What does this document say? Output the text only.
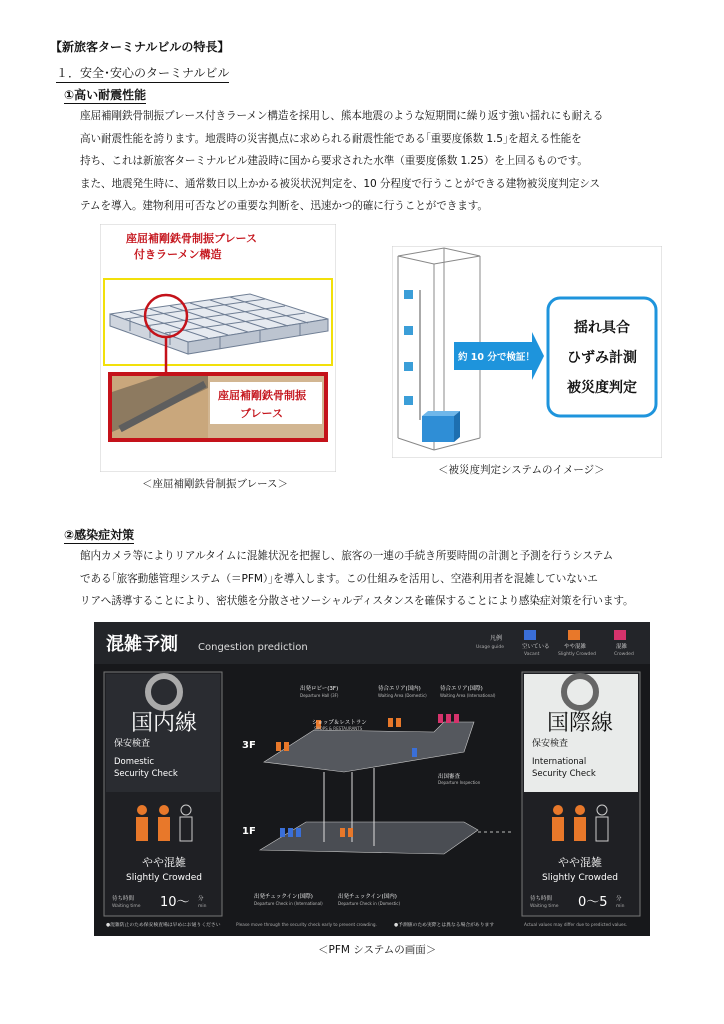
【新旅客ターミナルビルの特長】
１．安全･安心のターミナルビル
①高い耐震性能
座屈補剛鉄骨制振ブレース付きラーメン構造を採用し、熊本地震のような短期間に繰り返す強い揺れにも耐える
高い耐震性能を誇ります。地震時の災害拠点に求められる耐震性能である｢重要度係数 1.5｣を超える性能を
持ち、これは新旅客ターミナルビル建設時に国から要求された水準（重要度係数 1.25）を上回るものです。
また、地震発生時に、通常数日以上かかる被災状況判定を、10 分程度で行うことができる建物被災度判定シス
テムを導入。建物利用可否などの重要な判断を、迅速かつ的確に行うことができます。
座屈補剛鉄骨制振ブレース
付きラーメン構造
座屈補剛鉄骨制振
ブレース
＜座屈補剛鉄骨制振ブレース＞
約 10 分で検証！
揺れ具合
ひずみ計測
被災度判定
＜被災度判定システムのイメージ＞
②感染症対策
館内カメラ等によりリアルタイムに混雑状況を把握し、旅客の一連の手続き所要時間の計測と予測を行うシステム
である｢旅客動態管理システム（＝PFM）｣を導入します。この仕組みを活用し、空港利用者を混雑していないエ
リアへ誘導することにより、密状態を分散させソーシャルディスタンスを確保することにより感染症対策を行います。
混雑予測 Congestion prediction
凡例
Usage guide	空いている
Vacant
やや混雑
Slightly Crowded
混雑
Crowded
国内線
保安検査
Domestic
Security Check
やや混雑
Slightly Crowded
待ち時間
Waiting time 10～ 分
min
国際線
保安検査
International
Security Check
やや混雑
Slightly Crowded
待ち時間
Waiting time 0～5 分
min
3F
1F
出発ロビー(3F)
Departure Hall (3F)
待合エリア(国内)
Waiting Area (Domestic)
待合エリア(国際)
Waiting Area (International)
ショップ＆レストラン
SHOPS & RESTAURANTS
出国審査
Departure Inspection
出発チェックイン(国際)
Departure Check in (International)
出発チェックイン(国内)
Departure Check in (Domestic)
●混雑防止のため保安検査場は早めにお通りください	Please move through the security check early to prevent crowding.	●予測値のため実際とは異なる場合があります	Actual values may differ due to predicted values.
＜PFM システムの画面＞
